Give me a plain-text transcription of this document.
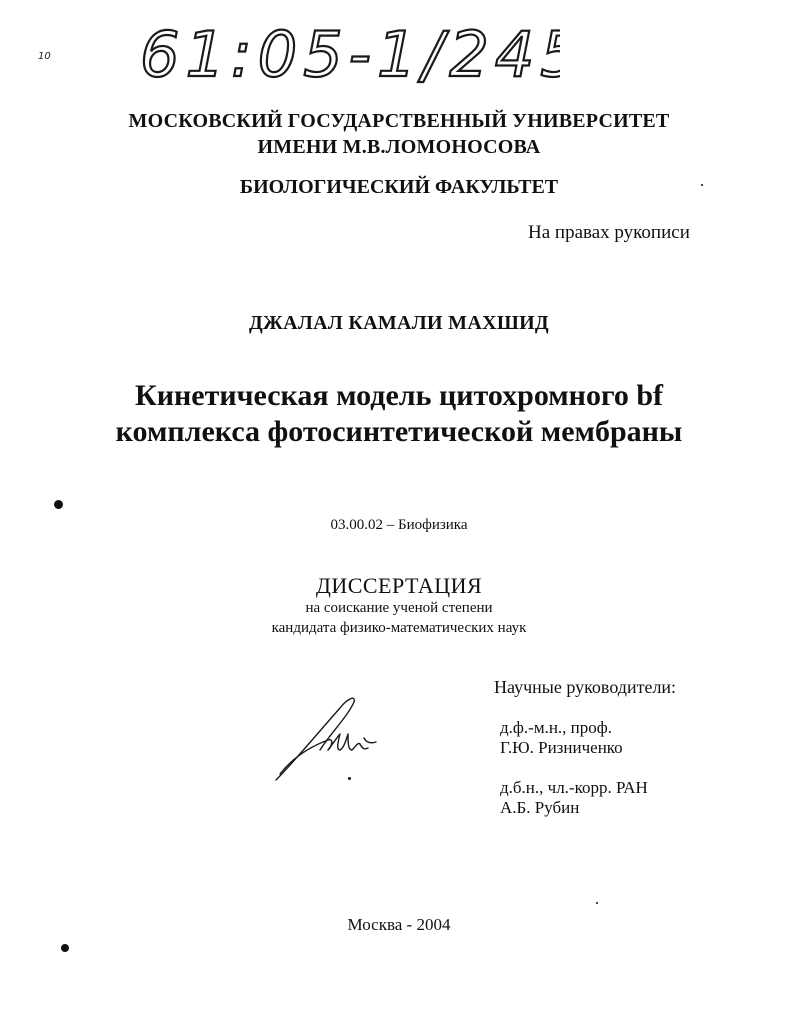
61:05-1/245
10
МОСКОВСКИЙ ГОСУДАРСТВЕННЫЙ УНИВЕРСИТЕТ
ИМЕНИ М.В.ЛОМОНОСОВА
БИОЛОГИЧЕСКИЙ ФАКУЛЬТЕТ
На правах рукописи
ДЖАЛАЛ КАМАЛИ МАХШИД
Кинетическая модель цитохромного bf
комплекса фотосинтетической мембраны
03.00.02 – Биофизика
ДИССЕРТАЦИЯ
на соискание ученой степени
кандидата физико-математических наук
Научные руководители:
д.ф.-м.н., проф.
Г.Ю. Ризниченко
д.б.н., чл.-корр. РАН
А.Б. Рубин
Москва - 2004
